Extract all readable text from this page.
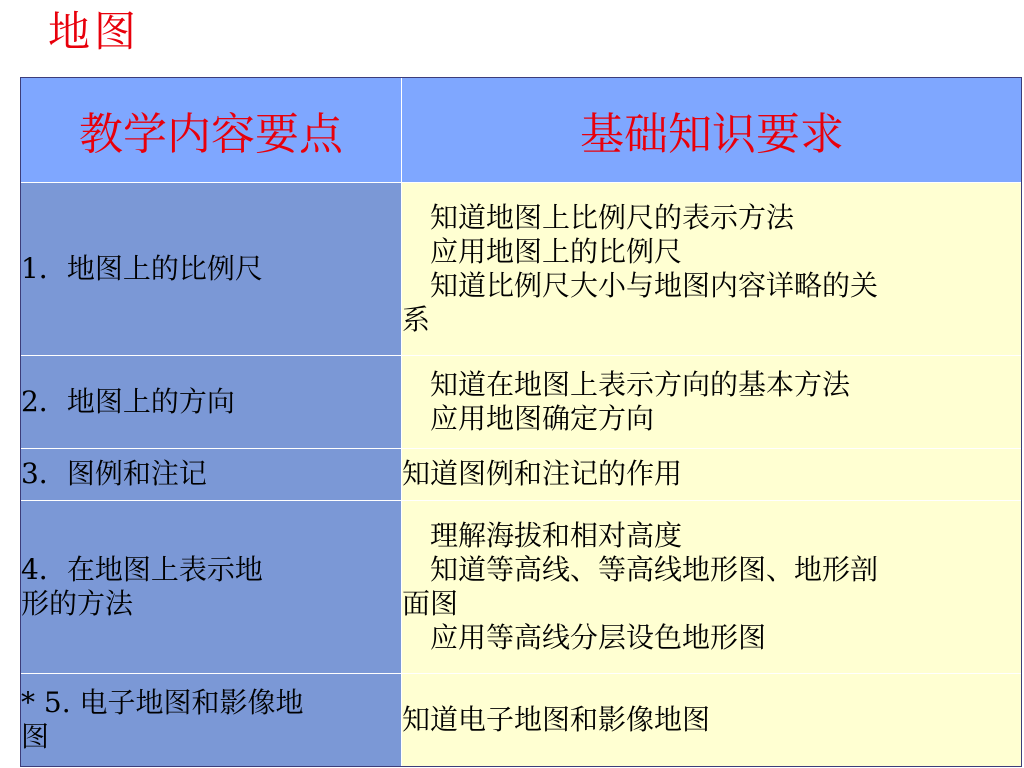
地图
教学内容要点	基础知识要求

1．地图上的比例尺	知道地图上比例尺的表示方法
应用地图上的比例尺
知道比例尺大小与地图内容详略的关
系

2．地图上的方向	知道在地图上表示方向的基本方法
应用地图确定方向

3．图例和注记	知道图例和注记的作用

4．在地图上表示地
形的方法	理解海拔和相对高度
知道等高线、等高线地形图、地形剖
面图
应用等高线分层设色地形图

* 5. 电子地图和影像地
图	知道电子地图和影像地图
